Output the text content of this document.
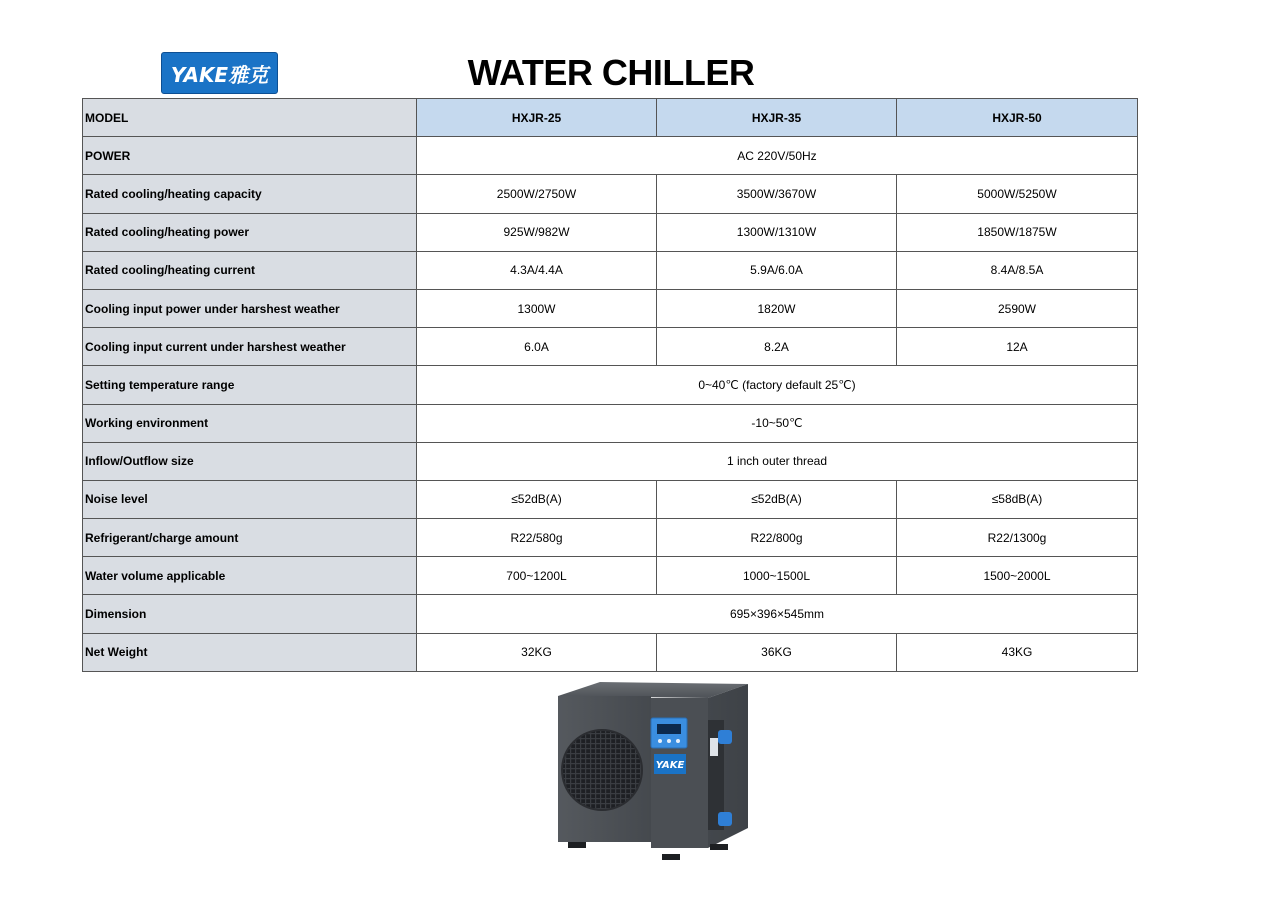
YAKE雅克	WATER CHILLER
MODEL	HXJR-25	HXJR-35	HXJR-50
POWER	AC 220V/50Hz		
Rated cooling/heating capacity	2500W/2750W	3500W/3670W	5000W/5250W
Rated cooling/heating power	925W/982W	1300W/1310W	1850W/1875W
Rated cooling/heating current	4.3A/4.4A	5.9A/6.0A	8.4A/8.5A
Cooling input power under harshest weather	1300W	1820W	2590W
Cooling input current under harshest weather	6.0A	8.2A	12A
Setting temperature range	0~40℃ (factory default 25℃)		
Working environment	-10~50℃		
Inflow/Outflow size	1 inch outer thread		
Noise level	≤52dB(A)	≤52dB(A)	≤58dB(A)
Refrigerant/charge amount	R22/580g	R22/800g	R22/1300g
Water volume applicable	700~1200L	1000~1500L	1500~2000L
Dimension	695×396×545mm		
Net Weight	32KG	36KG	43KG
YAKE
